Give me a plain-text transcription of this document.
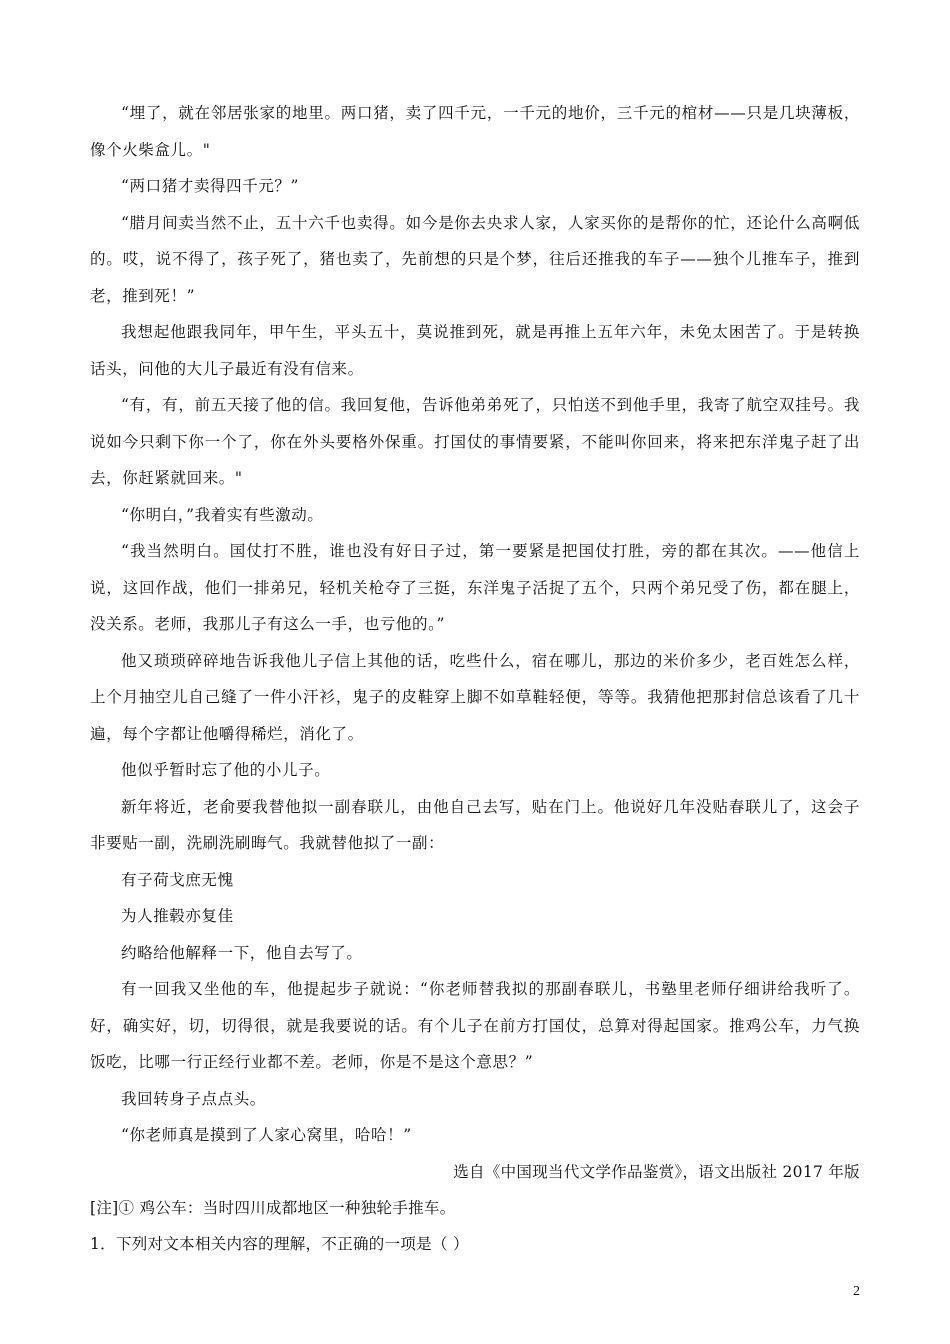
“埋了，就在邻居张家的地里。两口猪，卖了四千元，一千元的地价，三千元的棺材——只是几块薄板，像个火柴盒儿。"

“两口猪才卖得四千元？”

“腊月间卖当然不止，五十六千也卖得。如今是你去央求人家，人家买你的是帮你的忙，还论什么高啊低的。哎，说不得了，孩子死了，猪也卖了，先前想的只是个梦，往后还推我的车子——独个儿推车子，推到老，推到死！”

我想起他跟我同年，甲午生，平头五十，莫说推到死，就是再推上五年六年，未免太困苦了。于是转换话头，问他的大儿子最近有没有信来。

“有，有，前五天接了他的信。我回复他，告诉他弟弟死了，只怕送不到他手里，我寄了航空双挂号。我说如今只剩下你一个了，你在外头要格外保重。打国仗的事情要紧，不能叫你回来，将来把东洋鬼子赶了出去，你赶紧就回来。"

“你明白，”我着实有些激动。

“我当然明白。国仗打不胜，谁也没有好日子过，第一要紧是把国仗打胜，旁的都在其次。——他信上说，这回作战，他们一排弟兄，轻机关枪夺了三挺，东洋鬼子活捉了五个，只两个弟兄受了伤，都在腿上，没关系。老师，我那儿子有这么一手，也亏他的。”

他又琐琐碎碎地告诉我他儿子信上其他的话，吃些什么，宿在哪儿，那边的米价多少，老百姓怎么样，上个月抽空儿自己缝了一件小汗衫，鬼子的皮鞋穿上脚不如草鞋轻便，等等。我猜他把那封信总该看了几十遍，每个字都让他嚼得稀烂，消化了。

他似乎暂时忘了他的小儿子。

新年将近，老俞要我替他拟一副春联儿，由他自己去写，贴在门上。他说好几年没贴春联儿了，这会子非要贴一副，洗刷洗刷晦气。我就替他拟了一副：

有子荷戈庶无愧

为人推毂亦复佳

约略给他解释一下，他自去写了。

有一回我又坐他的车，他提起步子就说：“你老师替我拟的那副春联儿，书塾里老师仔细讲给我听了。好，确实好，切，切得很，就是我要说的话。有个儿子在前方打国仗，总算对得起国家。推鸡公车，力气换饭吃，比哪一行正经行业都不差。老师，你是不是这个意思？”

我回转身子点点头。

“你老师真是摸到了人家心窝里，哈哈！”

选自《中国现当代文学作品鉴赏》，语文出版社 2017 年版

[注]① 鸡公车：当时四川成都地区一种独轮手推车。

1．下列对文本相关内容的理解，不正确的一项是（ ）

2
